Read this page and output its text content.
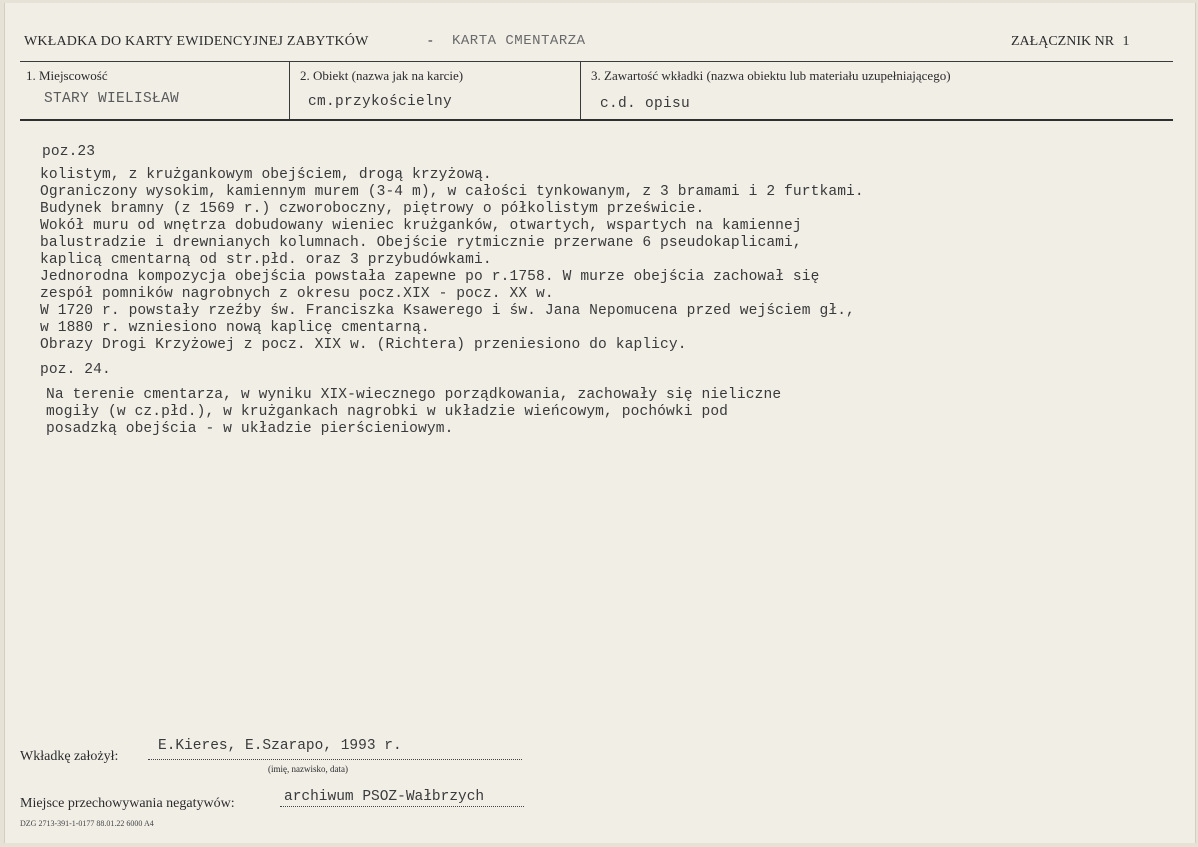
WKŁADKA DO KARTY EWIDENCYJNEJ ZABYTKÓW	- KARTA CMENTARZA	ZAŁĄCZNIK NR 1
1. Miejscowość
STARY WIELISŁAW
2. Obiekt (nazwa jak na karcie)
cm.przykościelny
3. Zawartość wkładki (nazwa obiektu lub materiału uzupełniającego)
c.d. opisu
poz.23
kolistym, z krużgankowym obejściem, drogą krzyżową.
Ograniczony wysokim, kamiennym murem (3-4 m), w całości tynkowanym, z 3 bramami i 2 furtkami.
Budynek bramny (z 1569 r.) czworoboczny, piętrowy o półkolistym prześwicie.
Wokół muru od wnętrza dobudowany wieniec krużganków, otwartych, wspartych na kamiennej
balustradzie i drewnianych kolumnach. Obejście rytmicznie przerwane 6 pseudokaplicami,
kaplicą cmentarną od str.płd. oraz 3 przybudówkami.
Jednorodna kompozycja obejścia powstała zapewne po r.1758. W murze obejścia zachował się
zespół pomników nagrobnych z okresu pocz.XIX - pocz. XX w.
W 1720 r. powstały rzeźby św. Franciszka Ksawerego i św. Jana Nepomucena przed wejściem gł.,
w 1880 r. wzniesiono nową kaplicę cmentarną.
Obrazy Drogi Krzyżowej z pocz. XIX w. (Richtera) przeniesiono do kaplicy.
poz. 24.
Na terenie cmentarza, w wyniku XIX-wiecznego porządkowania, zachowały się nieliczne
mogiły (w cz.płd.), w krużgankach nagrobki w układzie wieńcowym, pochówki pod
posadzką obejścia - w układzie pierścieniowym.
Wkładkę założył:
E.Kieres, E.Szarapo, 1993 r.
(imię, nazwisko, data)
Miejsce przechowywania negatywów:	archiwum PSOZ-Wałbrzych
DZG 2713-391-1-0177 88.01.22 6000 A4
